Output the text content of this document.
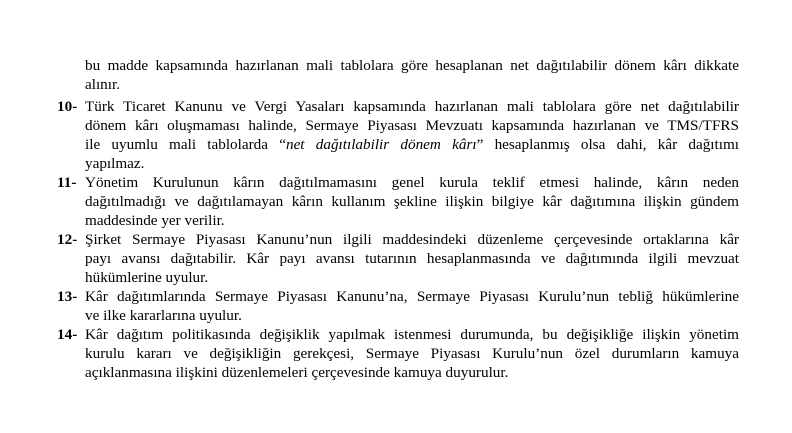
bu madde kapsamında hazırlanan mali tablolara göre hesaplanan net dağıtılabilir dönem kârı dikkate
alınır.
10- Türk Ticaret Kanunu ve Vergi Yasaları kapsamında hazırlanan mali tablolara göre net dağıtılabilir
dönem kârı oluşmaması halinde, Sermaye Piyasası Mevzuatı kapsamında hazırlanan ve TMS/TFRS
ile uyumlu mali tablolarda “net dağıtılabilir dönem kârı” hesaplanmış olsa dahi, kâr dağıtımı
yapılmaz.
11- Yönetim Kurulunun kârın dağıtılmamasını genel kurula teklif etmesi halinde, kârın neden
dağıtılmadığı ve dağıtılamayan kârın kullanım şekline ilişkin bilgiye kâr dağıtımına ilişkin gündem
maddesinde yer verilir.
12- Şirket Sermaye Piyasası Kanunu’nun ilgili maddesindeki düzenleme çerçevesinde ortaklarına kâr
payı avansı dağıtabilir. Kâr payı avansı tutarının hesaplanmasında ve dağıtımında ilgili mevzuat
hükümlerine uyulur.
13- Kâr dağıtımlarında Sermaye Piyasası Kanunu’na, Sermaye Piyasası Kurulu’nun tebliğ hükümlerine
ve ilke kararlarına uyulur.
14- Kâr dağıtım politikasında değişiklik yapılmak istenmesi durumunda, bu değişikliğe ilişkin yönetim
kurulu kararı ve değişikliğin gerekçesi, Sermaye Piyasası Kurulu’nun özel durumların kamuya
açıklanmasına ilişkini düzenlemeleri çerçevesinde kamuya duyurulur.
